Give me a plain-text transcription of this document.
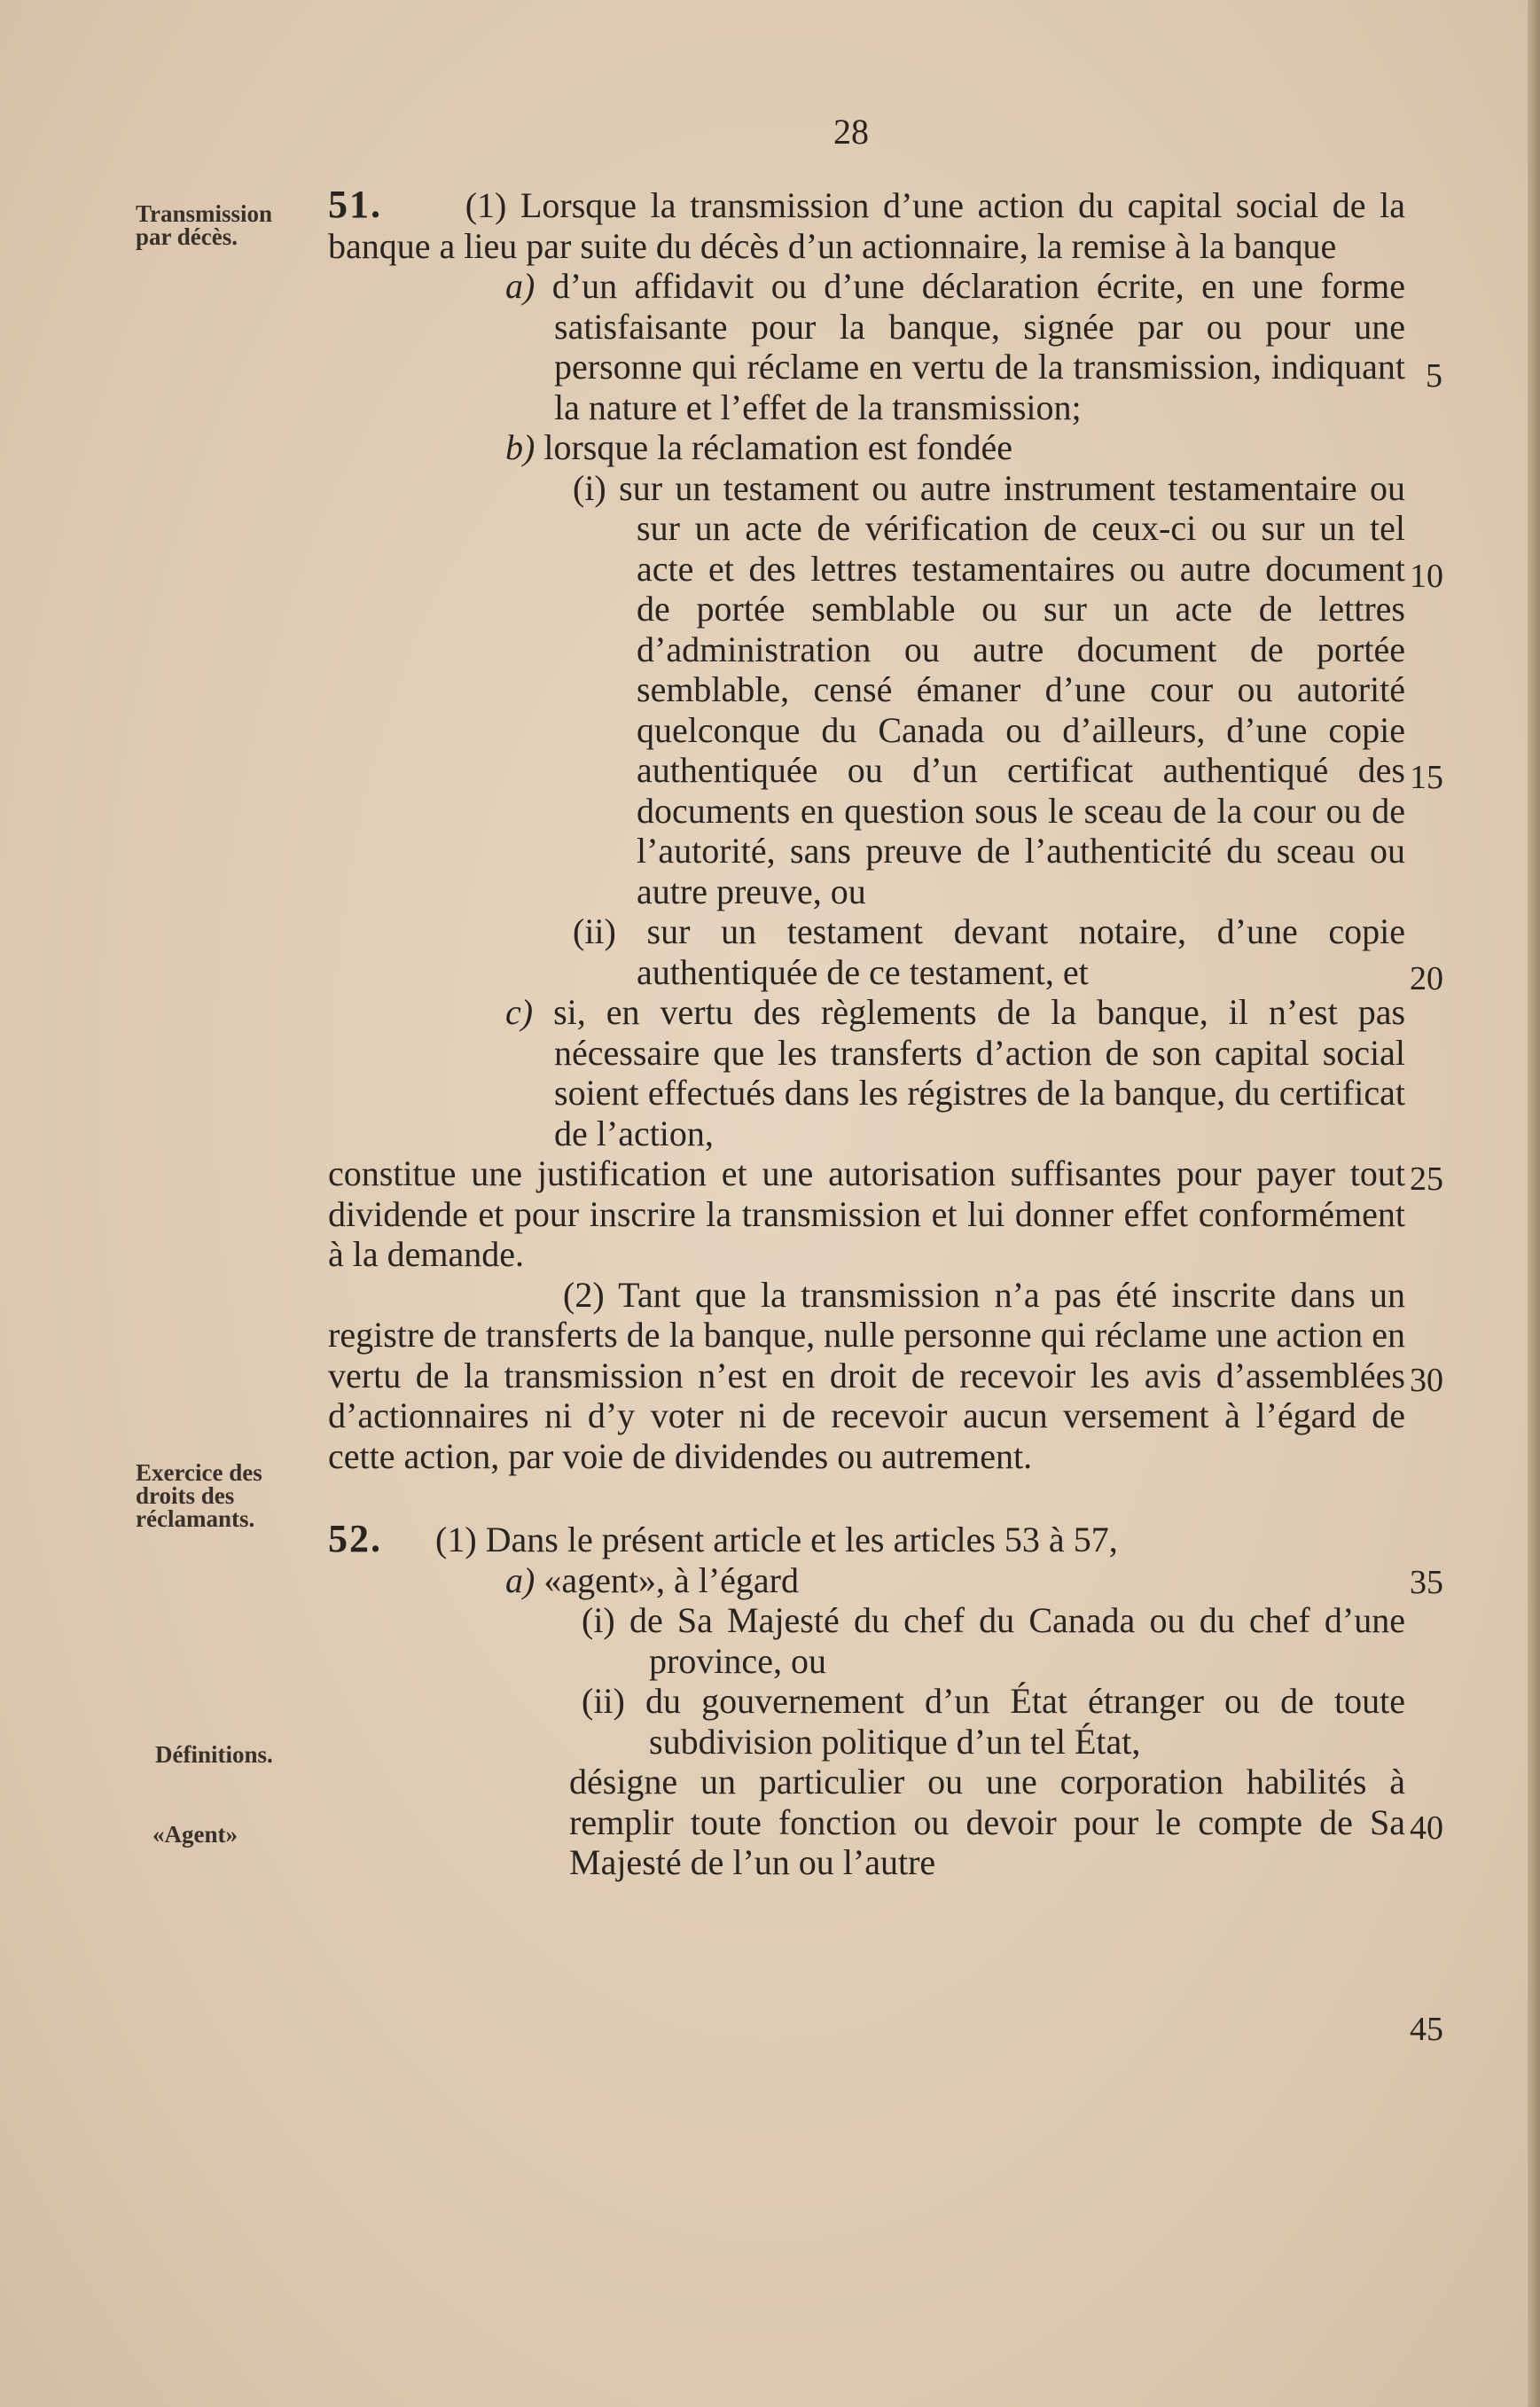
28
Transmission par décès.
Exercice des droits des réclamants.
Définitions.
«Agent»
5
10
15
20
25
30
35
40
45

51. (1) Lorsque la transmission d’une action du capital social de la banque a lieu par suite du décès d’un actionnaire, la remise à la banque

a) d’un affidavit ou d’une déclaration écrite, en une forme satisfaisante pour la banque, signée par ou pour une personne qui réclame en vertu de la transmission, indiquant la nature et l’effet de la transmission;

b) lorsque la réclamation est fondée

(i) sur un testament ou autre instrument testamentaire ou sur un acte de vérification de ceux-ci ou sur un tel acte et des lettres testamentaires ou autre document de portée semblable ou sur un acte de lettres d’administration ou autre document de portée semblable, censé émaner d’une cour ou autorité quelconque du Canada ou d’ailleurs, d’une copie authentiquée ou d’un certificat authentiqué des documents en question sous le sceau de la cour ou de l’autorité, sans preuve de l’authenticité du sceau ou autre preuve, ou

(ii) sur un testament devant notaire, d’une copie authentiquée de ce testament, et

c) si, en vertu des règlements de la banque, il n’est pas nécessaire que les transferts d’action de son capital social soient effectués dans les régistres de la banque, du certificat de l’action,

constitue une justification et une autorisation suffisantes pour payer tout dividende et pour inscrire la transmission et lui donner effet conformément à la demande.

(2) Tant que la transmission n’a pas été inscrite dans un registre de transferts de la banque, nulle personne qui réclame une action en vertu de la transmission n’est en droit de recevoir les avis d’assemblées d’actionnaires ni d’y voter ni de recevoir aucun versement à l’égard de cette action, par voie de dividendes ou autrement.

52. (1) Dans le présent article et les articles 53 à 57,

a) «agent», à l’égard

(i) de Sa Majesté du chef du Canada ou du chef d’une province, ou

(ii) du gouvernement d’un État étranger ou de toute subdivision politique d’un tel État,

désigne un particulier ou une corporation habilités à remplir toute fonction ou devoir pour le compte de Sa Majesté de l’un ou l’autre
